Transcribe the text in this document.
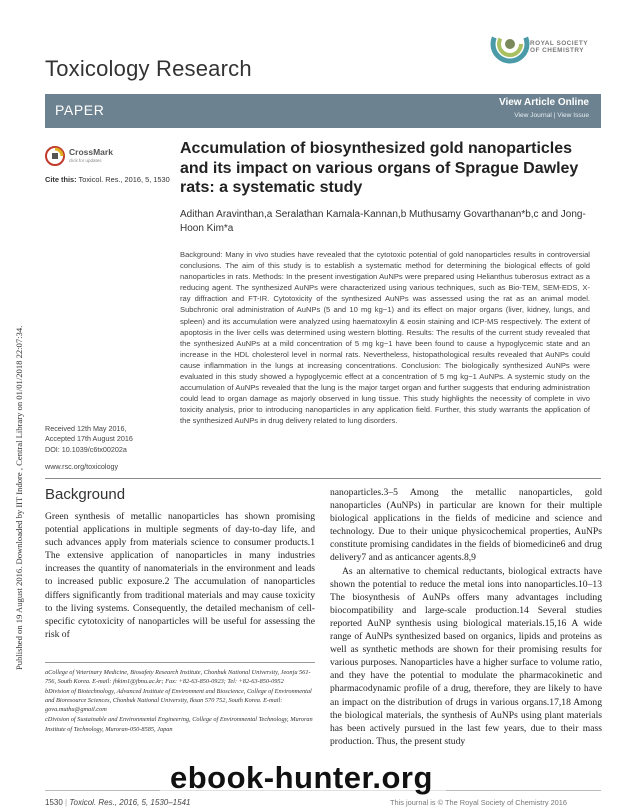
Published on 19 August 2016. Downloaded by IIT Indore , Central Library on 01/01/2018 22:07:34.
Toxicology Research
ROYAL SOCIETY
OF CHEMISTRY
PAPER	View Article Online
View Journal | View Issue
CrossMark
click for updates
Cite this: Toxicol. Res., 2016, 5, 1530
Accumulation of biosynthesized gold nanoparticles and its impact on various organs of Sprague Dawley rats: a systematic study
Adithan Aravinthan,a Seralathan Kamala-Kannan,b Muthusamy Govarthanan*b,c and Jong-Hoon Kim*a
Background: Many in vivo studies have revealed that the cytotoxic potential of gold nanoparticles results in controversial conclusions. The aim of this study is to establish a systematic method for determining the biological effects of gold nanoparticles in rats. Methods: In the present investigation AuNPs were prepared using Helianthus tuberosus extract as a reducing agent. The synthesized AuNPs were characterized using various techniques, such as Bio-TEM, SEM-EDS, X-ray diffraction and FT-IR. Cytotoxicity of the synthesized AuNPs was assessed using the rat as an animal model. Subchronic oral administration of AuNPs (5 and 10 mg kg−1) and its effect on major organs (liver, kidney, lungs, and spleen) and its accumulation were analyzed using haematoxylin & eosin staining and ICP-MS respectively. The extent of apoptosis in the liver cells was determined using western blotting. Results: The results of the current study revealed that the synthesized AuNPs at a mild concentration of 5 mg kg−1 have been found to cause a hypoglycemic state and an increase in the HDL cholesterol level in normal rats. Nevertheless, histopathological results revealed that AuNPs could cause inflammation in the lungs at increasing concentrations. Conclusion: The biologically synthesized AuNPs were evaluated in this study showed a hypoglycemic effect at a concentration of 5 mg kg−1 AuNPs. A systemic study on the accumulation of AuNPs revealed that the lung is the major target organ and further suggests that enduring administration could lead to organ damage as majorly observed in lung tissue. This study highlights the necessity of complete in vivo toxicity analysis, prior to introducing nanoparticles in any application field. Further, this study warrants the application of the synthesized AuNPs in drug delivery related to lung disorders.
Received 12th May 2016,
Accepted 17th August 2016
DOI: 10.1039/c6tx00202a
www.rsc.org/toxicology
Background

Green synthesis of metallic nanoparticles has shown promising potential applications in multiple segments of day-to-day life, and such advances apply from materials science to consumer products.1 The extensive application of nanoparticles in many industries increases the quantity of nanomaterials in the environment and leads to increased public exposure.2 The accumulation of nanoparticles differs significantly from traditional materials and may cause toxicity to the living systems. Consequently, the detailed mechanism of cell-specific cytotoxicity of nanoparticles will be useful for assessing the risk of

nanoparticles.3–5 Among the metallic nanoparticles, gold nanoparticles (AuNPs) in particular are known for their multiple biological applications in the fields of medicine and science and technology. Due to their unique physicochemical properties, AuNPs constitute promising candidates in the fields of biomedicine6 and drug delivery7 and as anticancer agents.8,9

As an alternative to chemical reductants, biological extracts have shown the potential to reduce the metal ions into nanoparticles.10–13 The biosynthesis of AuNPs offers many advantages including biocompatibility and large-scale production.14 Several studies reported AuNP synthesis using biological materials.15,16 A wide range of AuNPs synthesized based on organics, lipids and proteins as well as synthetic methods are shown for their promising results for various purposes. Nanoparticles have a higher surface to volume ratio, and they have the potential to modulate the pharmacokinetic and pharmacodynamic profile of a drug, therefore, they are likely to have an impact on the distribution of drugs in various organs.17,18 Among the biological materials, the synthesis of AuNPs using plant materials has been actively pursued in the last few years, due to their mass production. Thus, the present study

aCollege of Veterinary Medicine, Biosafety Research Institute, Chonbuk National University, Jeonju 561-756, South Korea. E-mail: jhkim1@jbnu.ac.kr; Fax: +82-63-850-0923; Tel: +82-63-850-0952

bDivision of Biotechnology, Advanced Institute of Environment and Bioscience, College of Environmental and Bioresource Sciences, Chonbuk National University, Iksan 570 752, South Korea. E-mail: gova.muthu@gmail.com

cDivision of Sustainable and Environmental Engineering, College of Environmental Technology, Muroran Institute of Technology, Muroran-050-8585, Japan

1530 | Toxicol. Res., 2016, 5, 1530–1541	This journal is © The Royal Society of Chemistry 2016
ebook-hunter.org
